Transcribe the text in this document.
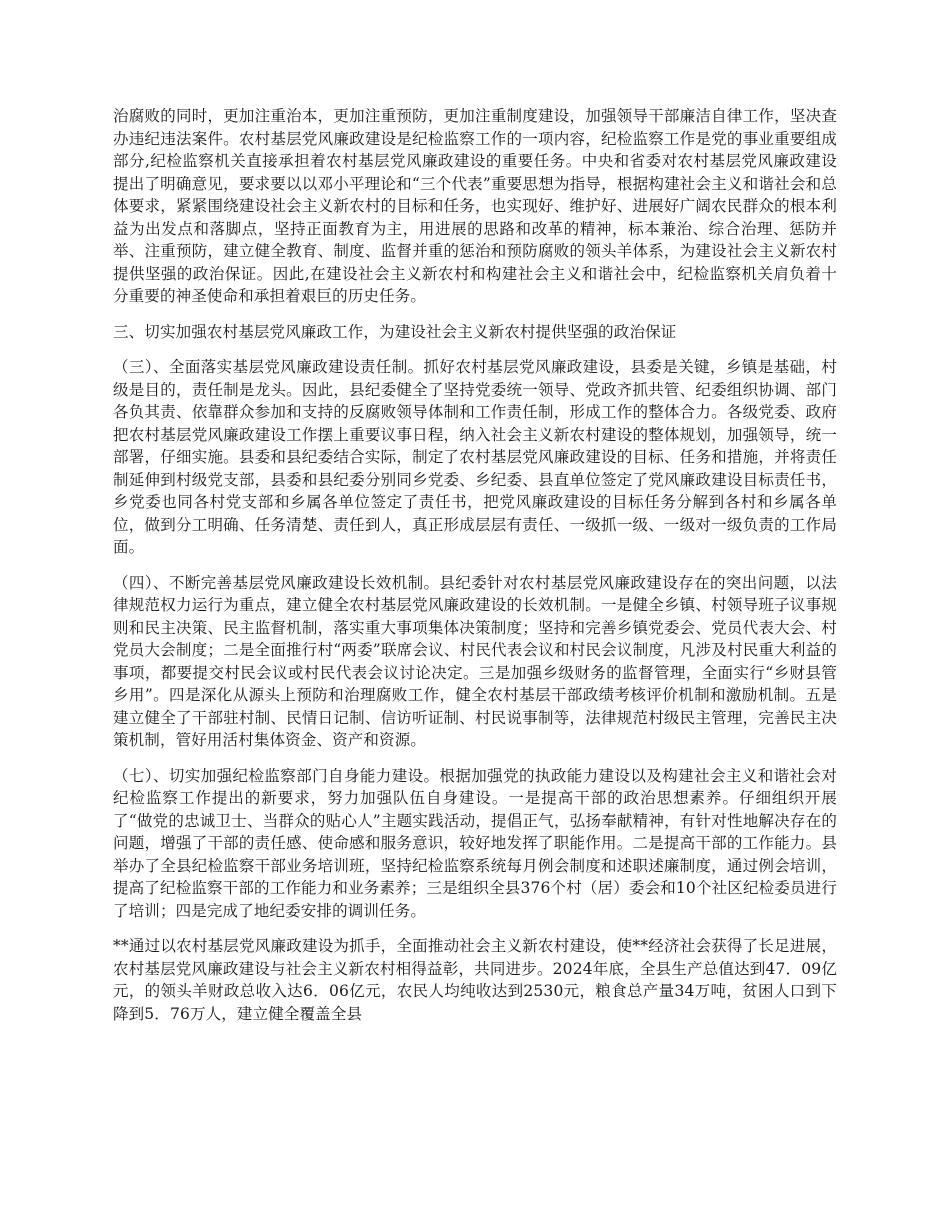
治腐败的同时，更加注重治本，更加注重预防，更加注重制度建设，加强领导干部廉洁自律工作，坚决查办违纪违法案件。农村基层党风廉政建设是纪检监察工作的一项内容，纪检监察工作是党的事业重要组成部分,纪检监察机关直接承担着农村基层党风廉政建设的重要任务。中央和省委对农村基层党风廉政建设提出了明确意见，要求要以以邓小平理论和“三个代表”重要思想为指导，根据构建社会主义和谐社会和总体要求，紧紧围绕建设社会主义新农村的目标和任务，也实现好、维护好、进展好广阔农民群众的根本利益为出发点和落脚点，坚持正面教育为主，用进展的思路和改革的精神，标本兼治、综合治理、惩防并举、注重预防，建立健全教育、制度、监督并重的惩治和预防腐败的领头羊体系，为建设社会主义新农村提供坚强的政治保证。因此,在建设社会主义新农村和构建社会主义和谐社会中，纪检监察机关肩负着十分重要的神圣使命和承担着艰巨的历史任务。

三、切实加强农村基层党风廉政工作，为建设社会主义新农村提供坚强的政治保证

（三）、全面落实基层党风廉政建设责任制。抓好农村基层党风廉政建设，县委是关键，乡镇是基础，村级是目的，责任制是龙头。因此，县纪委健全了坚持党委统一领导、党政齐抓共管、纪委组织协调、部门各负其责、依靠群众参加和支持的反腐败领导体制和工作责任制，形成工作的整体合力。各级党委、政府把农村基层党风廉政建设工作摆上重要议事日程，纳入社会主义新农村建设的整体规划，加强领导，统一部署，仔细实施。县委和县纪委结合实际，制定了农村基层党风廉政建设的目标、任务和措施，并将责任制延伸到村级党支部，县委和县纪委分别同乡党委、乡纪委、县直单位签定了党风廉政建设目标责任书，乡党委也同各村党支部和乡属各单位签定了责任书，把党风廉政建设的目标任务分解到各村和乡属各单位，做到分工明确、任务清楚、责任到人，真正形成层层有责任、一级抓一级、一级对一级负责的工作局面。

（四）、不断完善基层党风廉政建设长效机制。县纪委针对农村基层党风廉政建设存在的突出问题，以法律规范权力运行为重点，建立健全农村基层党风廉政建设的长效机制。一是健全乡镇、村领导班子议事规则和民主决策、民主监督机制，落实重大事项集体决策制度；坚持和完善乡镇党委会、党员代表大会、村党员大会制度；二是全面推行村“两委”联席会议、村民代表会议和村民会议制度，凡涉及村民重大利益的事项，都要提交村民会议或村民代表会议讨论决定。三是加强乡级财务的监督管理，全面实行“乡财县管乡用”。四是深化从源头上预防和治理腐败工作，健全农村基层干部政绩考核评价机制和激励机制。五是建立健全了干部驻村制、民情日记制、信访听证制、村民说事制等，法律规范村级民主管理，完善民主决策机制，管好用活村集体资金、资产和资源。

（七）、切实加强纪检监察部门自身能力建设。根据加强党的执政能力建设以及构建社会主义和谐社会对纪检监察工作提出的新要求，努力加强队伍自身建设。一是提高干部的政治思想素养。仔细组织开展了“做党的忠诚卫士、当群众的贴心人”主题实践活动，提倡正气，弘扬奉献精神，有针对性地解决存在的问题，增强了干部的责任感、使命感和服务意识，较好地发挥了职能作用。二是提高干部的工作能力。县举办了全县纪检监察干部业务培训班，坚持纪检监察系统每月例会制度和述职述廉制度，通过例会培训，提高了纪检监察干部的工作能力和业务素养；三是组织全县376个村（居）委会和10个社区纪检委员进行了培训；四是完成了地纪委安排的调训任务。

**通过以农村基层党风廉政建设为抓手，全面推动社会主义新农村建设，使**经济社会获得了长足进展，农村基层党风廉政建设与社会主义新农村相得益彰，共同进步。2024年底，全县生产总值达到47．09亿元，的领头羊财政总收入达6．06亿元，农民人均纯收达到2530元，粮食总产量34万吨，贫困人口到下降到5．76万人，建立健全覆盖全县
